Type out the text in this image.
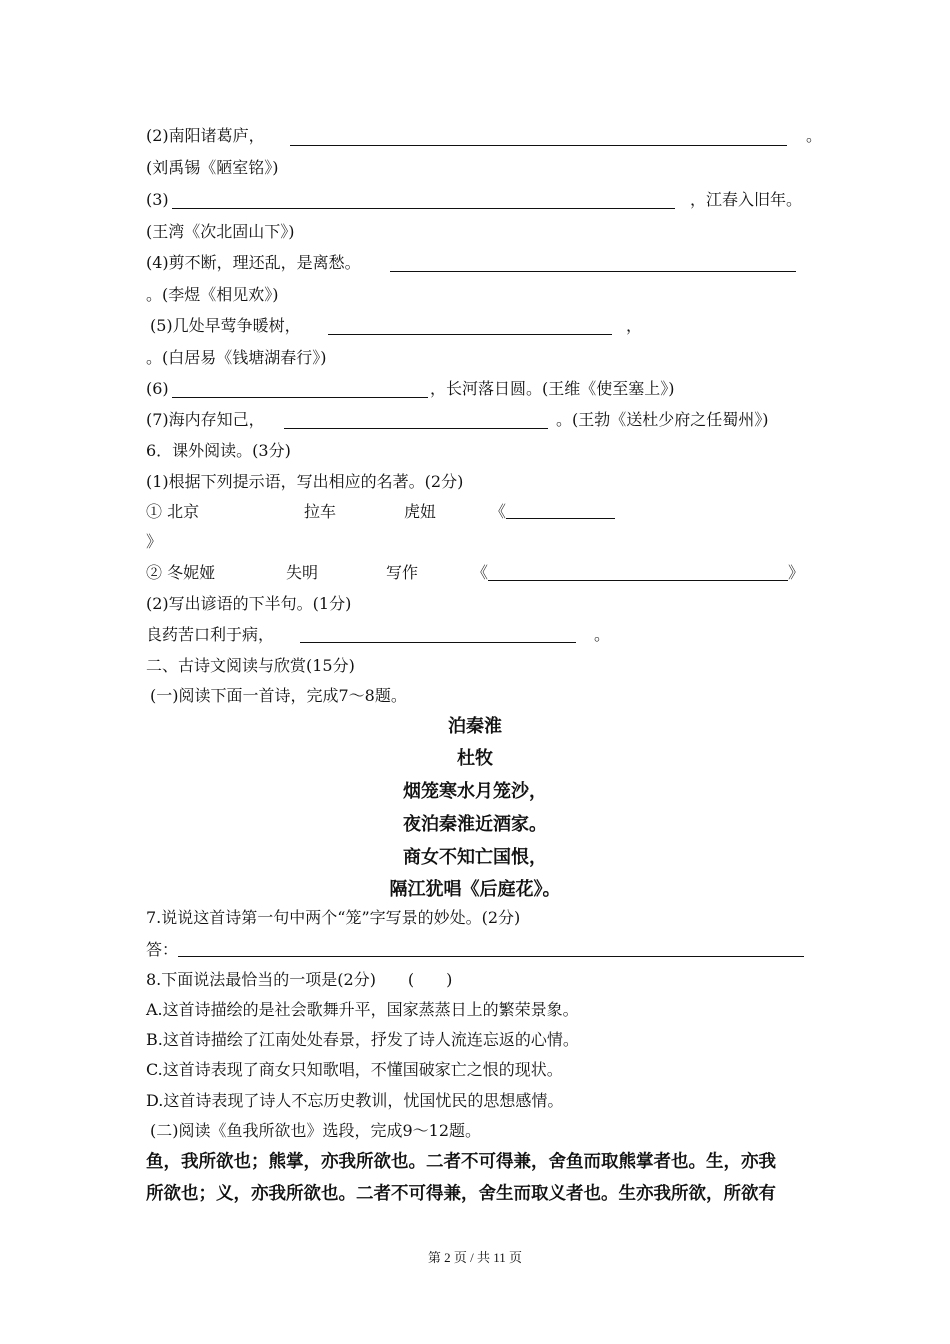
(2)南阳诸葛庐，	。
(刘禹锡《陋室铭》)
(3)	，江春入旧年。
(王湾《次北固山下》)
(4)剪不断，理还乱，是离愁。
。(李煜《相见欢》)
(5)几处早莺争暖树，	，
。(白居易《钱塘湖春行》)
(6)	，长河落日圆。(王维《使至塞上》)
(7)海内存知己，	。(王勃《送杜少府之任蜀州》)
6．课外阅读。(3分)
(1)根据下列提示语，写出相应的名著。(2分)
① 北京	拉车	虎妞	《
》
② 冬妮娅	失明	写作	《	》
(2)写出谚语的下半句。(1分)
良药苦口利于病，	。
二、古诗文阅读与欣赏(15分)
(一)阅读下面一首诗，完成7～8题。
泊秦淮
杜牧
烟笼寒水月笼沙，
夜泊秦淮近酒家。
商女不知亡国恨，
隔江犹唱《后庭花》。
7.说说这首诗第一句中两个“笼”字写景的妙处。(2分)
答：
8.下面说法最恰当的一项是(2分)　　(　　)
A.这首诗描绘的是社会歌舞升平，国家蒸蒸日上的繁荣景象。
B.这首诗描绘了江南处处春景，抒发了诗人流连忘返的心情。
C.这首诗表现了商女只知歌唱，不懂国破家亡之恨的现状。
D.这首诗表现了诗人不忘历史教训，忧国忧民的思想感情。
(二)阅读《鱼我所欲也》选段，完成9～12题。
鱼，我所欲也；熊掌，亦我所欲也。二者不可得兼，舍鱼而取熊掌者也。生，亦我
所欲也；义，亦我所欲也。二者不可得兼，舍生而取义者也。生亦我所欲，所欲有
第 2 页 / 共 11 页
